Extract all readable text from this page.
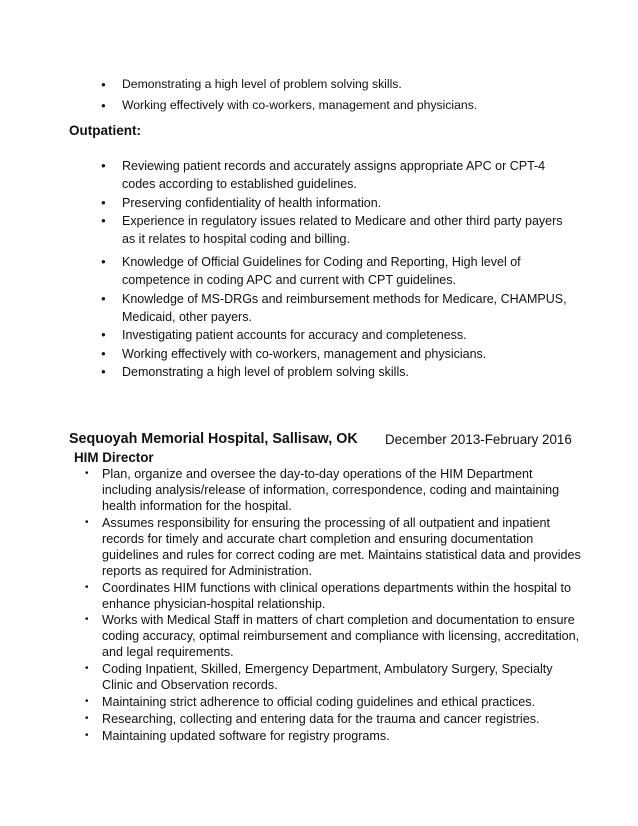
● Demonstrating a high level of problem solving skills.
● Working effectively with co-workers, management and physicians.
Outpatient:
● Reviewing patient records and accurately assigns appropriate APC or CPT-4 codes according to established guidelines.
● Preserving confidentiality of health information.
● Experience in regulatory issues related to Medicare and other third party payers as it relates to hospital coding and billing.
● Knowledge of Official Guidelines for Coding and Reporting, High level of competence in coding APC and current with CPT guidelines.
● Knowledge of MS-DRGs and reimbursement methods for Medicare, CHAMPUS, Medicaid, other payers.
● Investigating patient accounts for accuracy and completeness.
● Working effectively with co-workers, management and physicians.
● Demonstrating a high level of problem solving skills.
Sequoyah Memorial Hospital, Sallisaw, OK December 2013-February 2016
HIM Director
• Plan, organize and oversee the day-to-day operations of the HIM Department including analysis/release of information, correspondence, coding and maintaining health information for the hospital.
• Assumes responsibility for ensuring the processing of all outpatient and inpatient records for timely and accurate chart completion and ensuring documentation guidelines and rules for correct coding are met. Maintains statistical data and provides reports as required for Administration.
• Coordinates HIM functions with clinical operations departments within the hospital to enhance physician-hospital relationship.
• Works with Medical Staff in matters of chart completion and documentation to ensure coding accuracy, optimal reimbursement and compliance with licensing, accreditation, and legal requirements.
• Coding Inpatient, Skilled, Emergency Department, Ambulatory Surgery, Specialty Clinic and Observation records.
• Maintaining strict adherence to official coding guidelines and ethical practices.
• Researching, collecting and entering data for the trauma and cancer registries.
• Maintaining updated software for registry programs.
